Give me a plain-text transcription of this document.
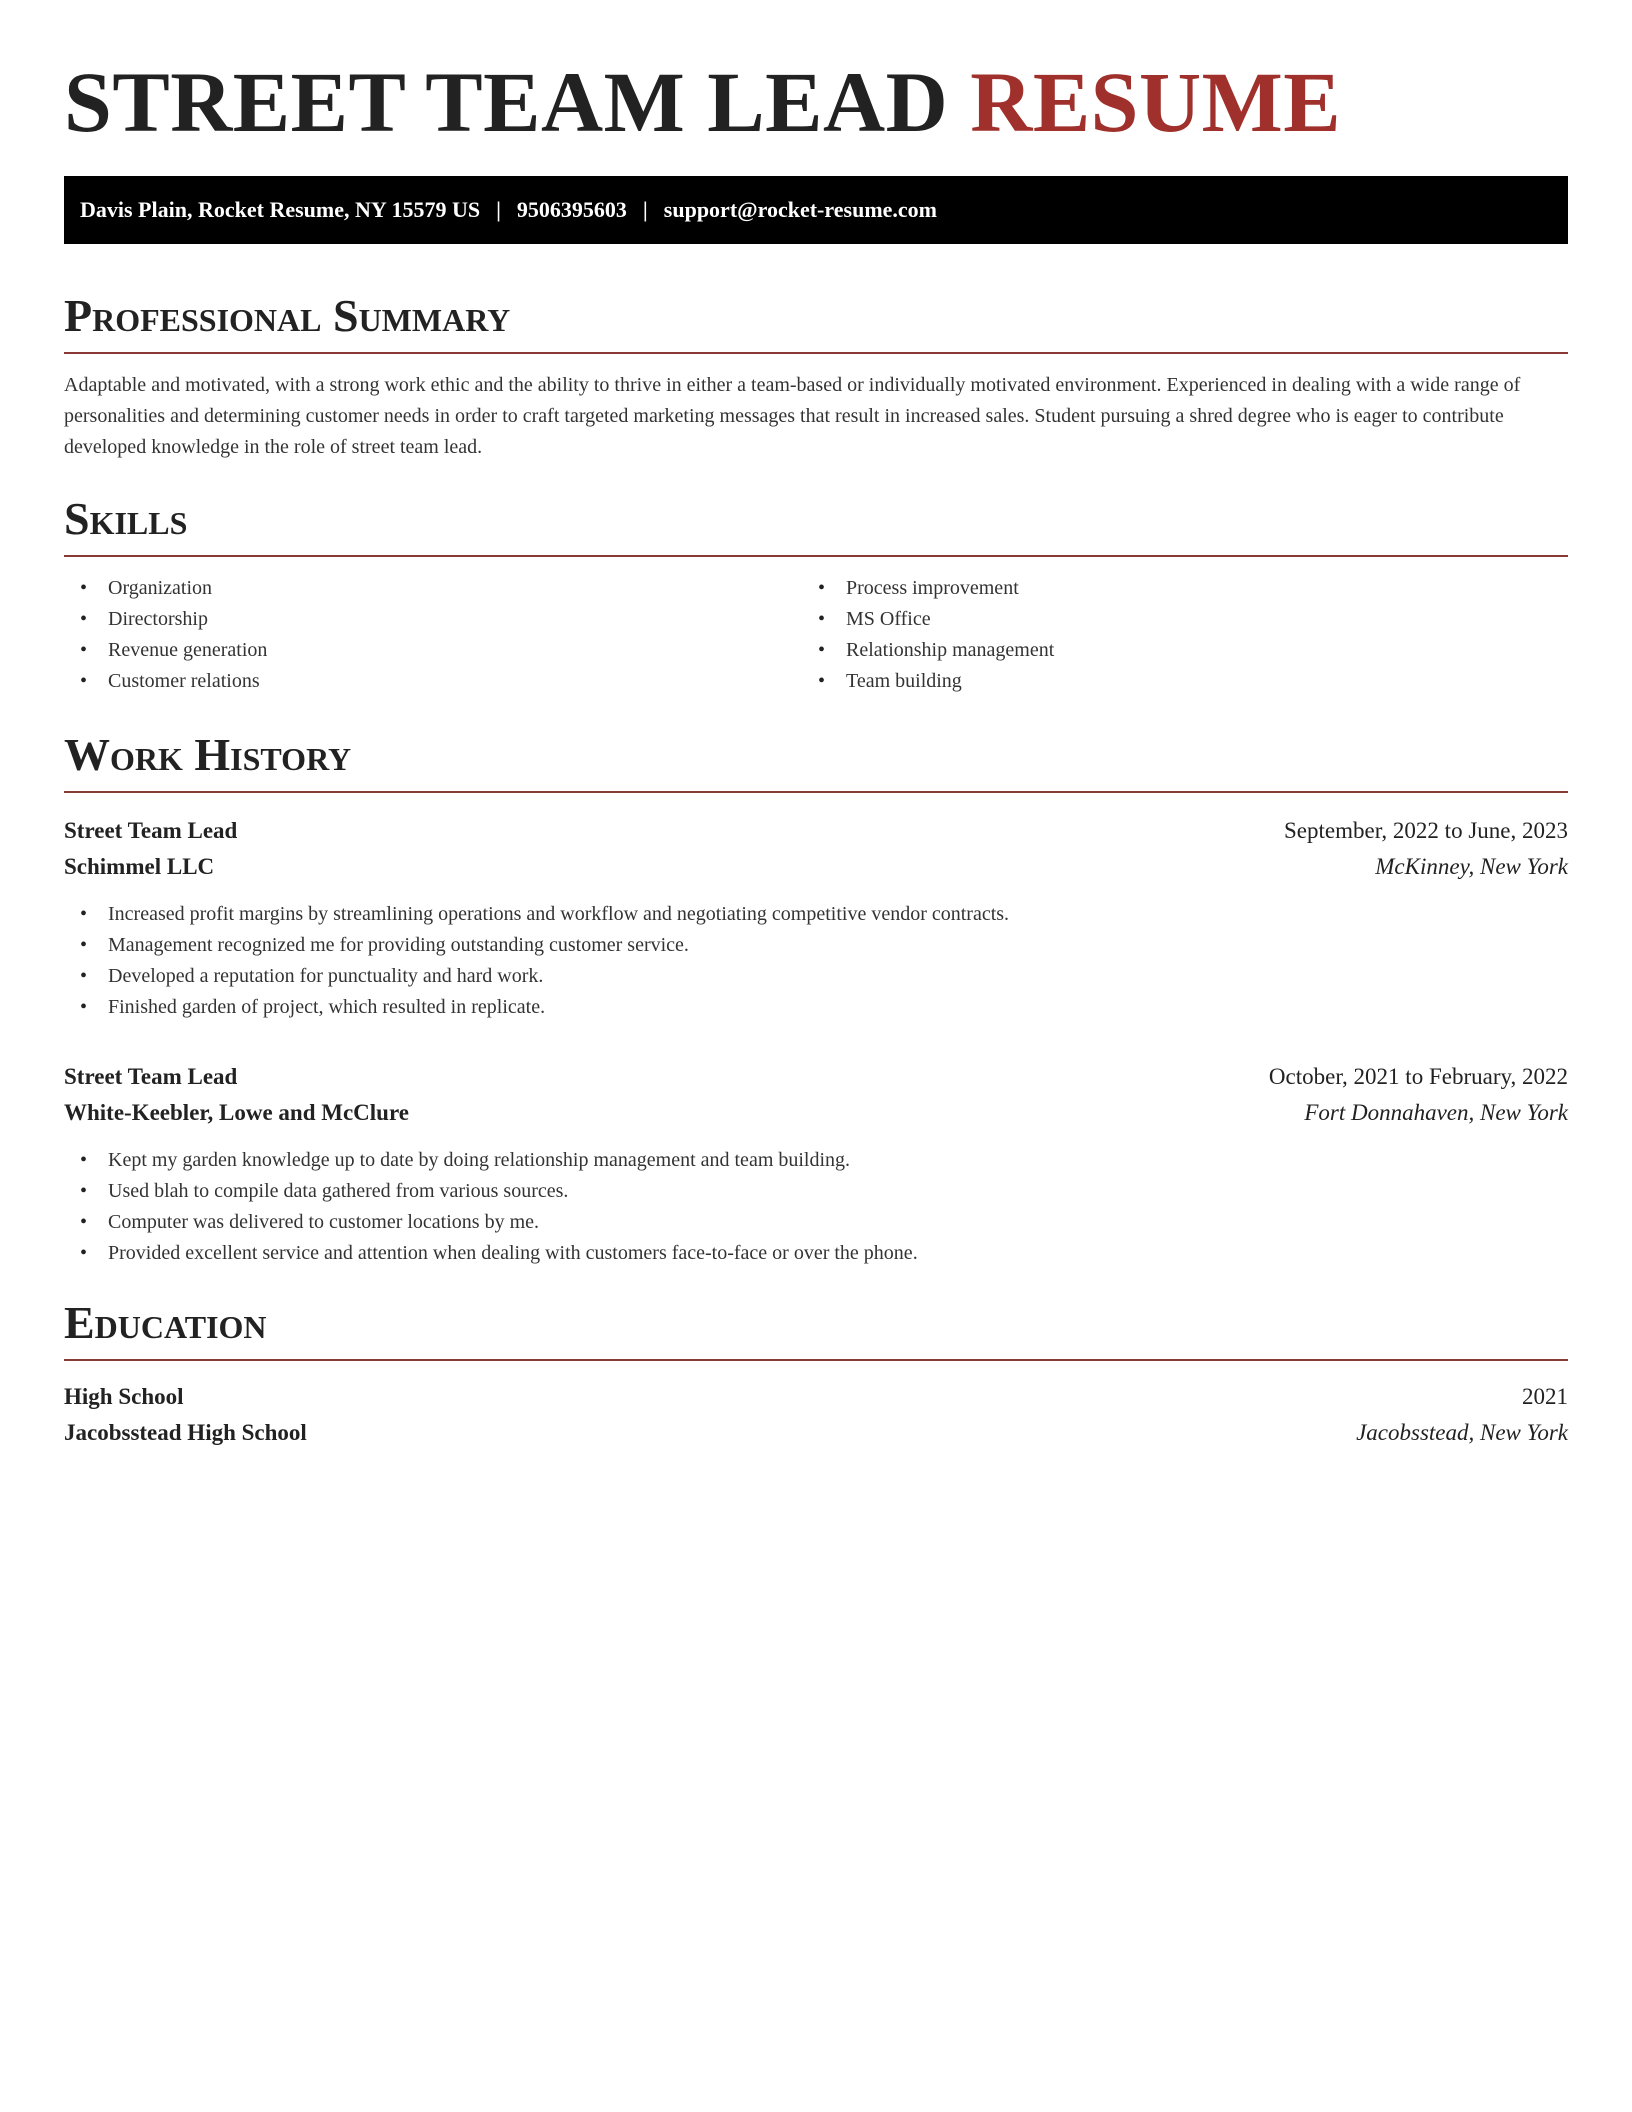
STREET TEAM LEAD RESUME
Davis Plain, Rocket Resume, NY 15579 US | 9506395603 | support@rocket-resume.com
Professional Summary

Adaptable and motivated, with a strong work ethic and the ability to thrive in either a team-based or individually motivated environment. Experienced in dealing with a wide range of personalities and determining customer needs in order to craft targeted marketing messages that result in increased sales. Student pursuing a shred degree who is eager to contribute developed knowledge in the role of street team lead.

Skills
• Organization
• Directorship
• Revenue generation
• Customer relations
• Process improvement
• MS Office
• Relationship management
• Team building
Work History
Street Team Lead	September, 2022 to June, 2023
Schimmel LLC	McKinney, New York
• Increased profit margins by streamlining operations and workflow and negotiating competitive vendor contracts.
• Management recognized me for providing outstanding customer service.
• Developed a reputation for punctuality and hard work.
• Finished garden of project, which resulted in replicate.
Street Team Lead	October, 2021 to February, 2022
White-Keebler, Lowe and McClure	Fort Donnahaven, New York
• Kept my garden knowledge up to date by doing relationship management and team building.
• Used blah to compile data gathered from various sources.
• Computer was delivered to customer locations by me.
• Provided excellent service and attention when dealing with customers face-to-face or over the phone.
Education
High School	2021
Jacobsstead High School	Jacobsstead, New York
